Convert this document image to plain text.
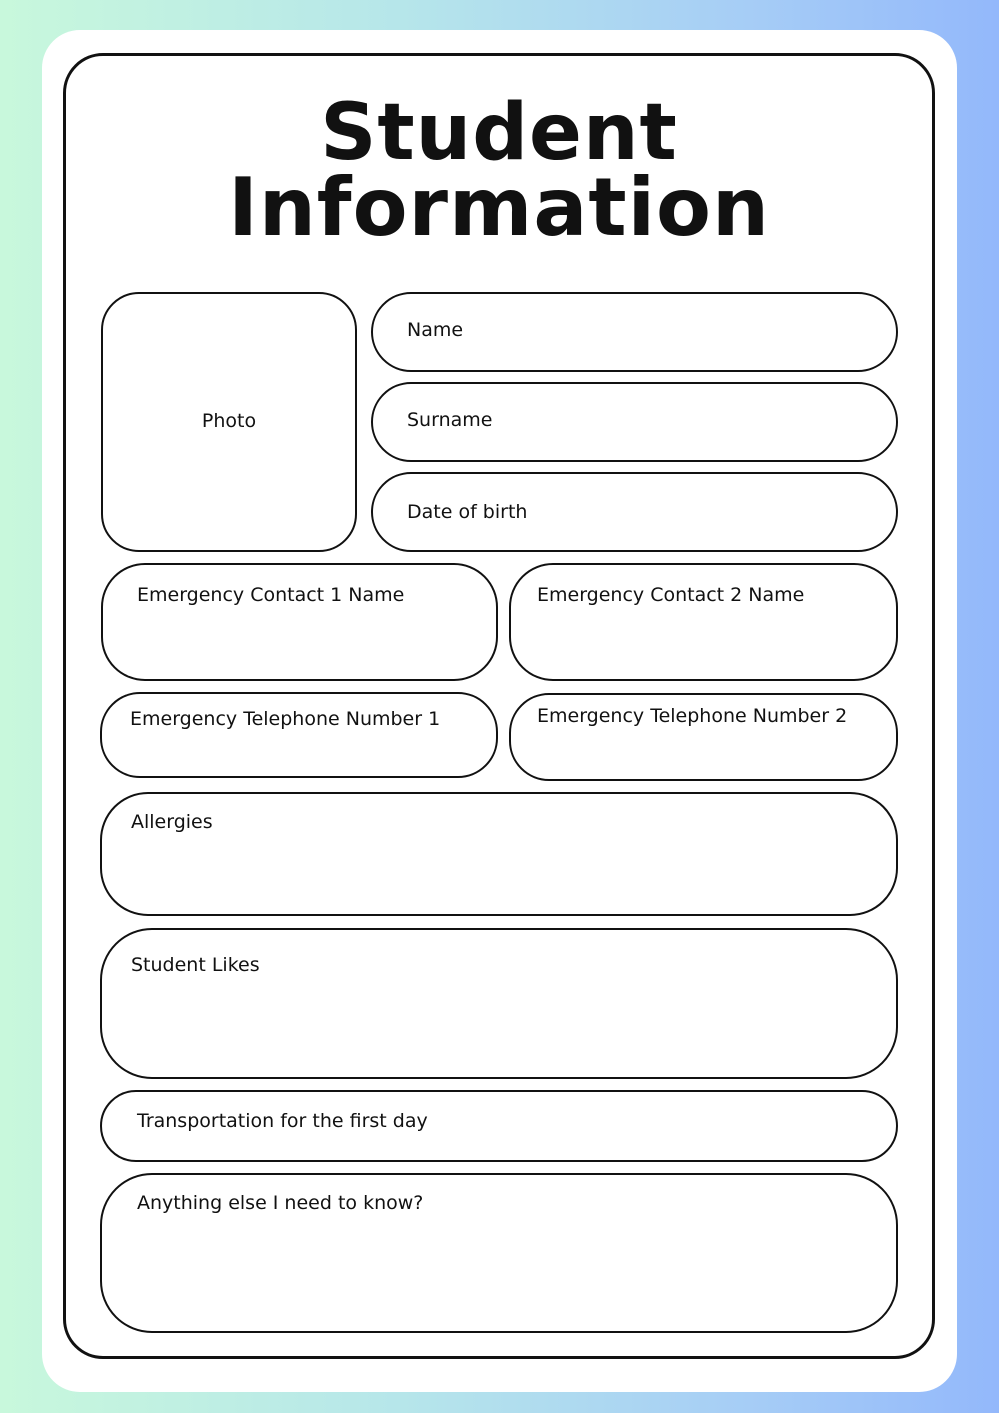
Student
Information
Photo
Name
Surname
Date of birth
Emergency Contact 1 Name	Emergency Contact 2 Name
Emergency Telephone Number 1	Emergency Telephone Number 2
Allergies
Student Likes
Transportation for the first day
Anything else I need to know?
